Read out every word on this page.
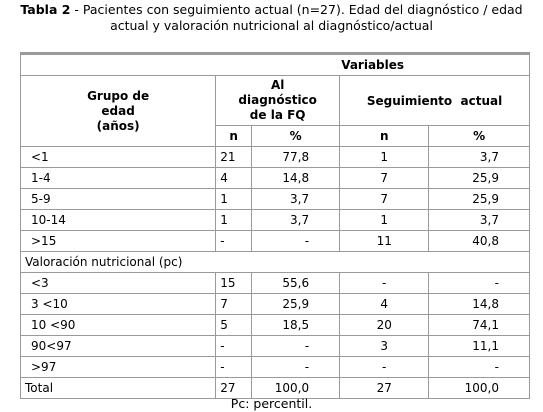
Tabla 2 - Pacientes con seguimiento actual (n=27). Edad del diagnóstico / edad actual y valoración nutricional al diagnóstico/actual
	Variables			
Grupo de edad (años)	Al diagnóstico de la FQ		Seguimiento  actual	
	n	%	n	%
<1	21	77,8	1	3,7
1-4	4	14,8	7	25,9
5-9	1	3,7	7	25,9
10-14	1	3,7	1	3,7
>15	-	-	11	40,8
Valoración nutricional (pc)				
<3	15	55,6	-	-
3 <10	7	25,9	4	14,8
10 <90	5	18,5	20	74,1
90<97	-	-	3	11,1
>97	-	-	-	-
Total	27	100,0	27	100,0
Pc: percentil.
